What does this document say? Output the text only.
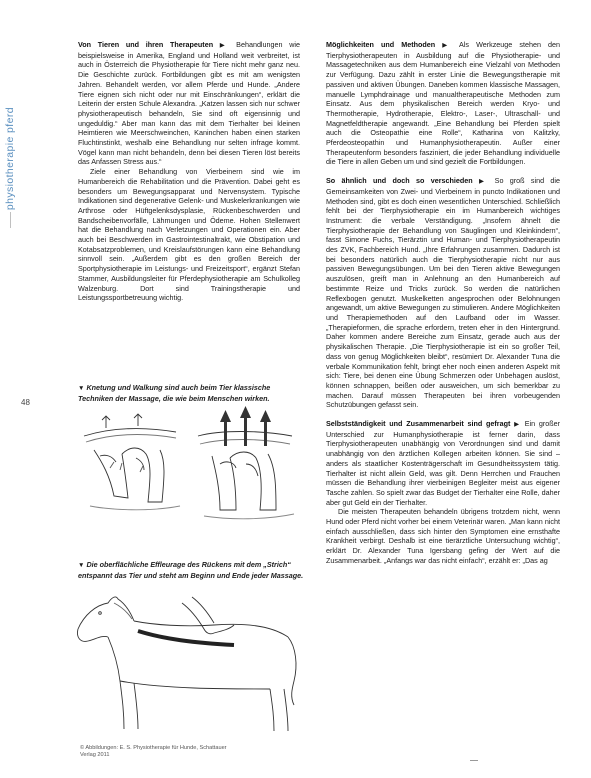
physiotherapie pferd
48

Von Tieren und ihren Therapeuten ▶ Behandlungen wie beispielsweise in Amerika, England und Holland weit verbreitet, ist auch in Österreich die Physiotherapie für Tiere nicht mehr ganz neu. Die Geschichte zurück. Fortbildungen gibt es mit am wenigsten Jahren. Behandelt werden, vor allem Pferde und Hunde. „Andere Tiere eignen sich nicht oder nur mit Einschränkungen“, erklärt die Leiterin der ersten Schule Alexandra. „Katzen lassen sich nur schwer physiotherapeutisch behandeln, Sie sind oft eigensinnig und ungeduldig.“ Aber man kann das mit dem Tierhalter bei kleinen Heimtieren wie Meerschweinchen, Kaninchen haben einen starken Fluchtinstinkt, weshalb eine Behandlung nur selten infrage kommt. Vögel kann man nicht behandeln, denn bei diesen Tieren löst bereits das Anfassen Stress aus.“

Ziele einer Behandlung von Vierbeinern sind wie im Humanbereich die Rehabilitation und die Prävention. Dabei geht es besonders um Bewegungsapparat und Nervensystem. Typische Indikationen sind degenerative Gelenk- und Muskelerkrankungen wie Arthrose oder Hüftgelenksdysplasie, Rückenbeschwerden und Bandscheibenvorfälle, Lähmungen und Ödeme. Hohen Stellenwert hat die Behandlung nach Verletzungen und Operationen ein. Aber auch bei Beschwerden im Gastrointestinaltrakt, wie Obstipation und Kotabsatzproblemen, und Kreislaufstörungen kann eine Behandlung sinnvoll sein. „Außerdem gibt es den großen Bereich der Sportphysiotherapie im Leistungs- und Freizeitsport“, ergänzt Stefan Stammer, Ausbildungsleiter für Pferdephysiotherapie am Schulkolleg Walzenburg. Dort sind Trainingstherapie und Leistungssportbetreuung wichtig.

▼ Knetung und Walkung sind auch beim Tier klassische Techniken der Massage, die wie beim Menschen wirken.
▼ Die oberflächliche Effleurage des Rückens mit dem „Strich“ entspannt das Tier und steht am Beginn und Ende jeder Massage.
© Abbildungen: E. S. Physiotherapie für Hunde, Schattauer Verlag 2011

Möglichkeiten und Methoden ▶ Als Werkzeuge stehen den Tierphysiotherapeuten in Ausbildung auf die Physiotherapie- und Massagetechniken aus dem Humanbereich eine Vielzahl von Methoden zur Verfügung. Dazu zählt in erster Linie die Bewegungstherapie mit passiven und aktiven Übungen. Daneben kommen klassische Massagen, manuelle Lymphdrainage und manualtherapeutische Methoden zum Einsatz. Aus dem physikalischen Bereich werden Kryo- und Thermotherapie, Hydrotherapie, Elektro-, Laser-, Ultraschall- und Magnetfeldtherapie angewandt. „Eine Behandlung bei Pferden spielt auch die Osteopathie eine Rolle“, Katharina von Kalitzky, Pferdeosteopathin und Humanphysiotherapeutin. Außer einer Therapeutenform besonders fasziniert, die jeder Behandlung individuelle die Tiere in allen Geben um und sind gezielt die Fortbildungen.

So ähnlich und doch so verschieden ▶ So groß sind die Gemeinsamkeiten von Zwei- und Vierbeinern in puncto Indikationen und Methoden sind, gibt es doch einen wesentlichen Unterschied. Schließlich fehlt bei der Tierphysiotherapie ein im Humanbereich wichtiges Instrument: die verbale Verständigung. „Insofern ähnelt die Tierphysiotherapie der Behandlung von Säuglingen und Kleinkindern“, fasst Simone Fuchs, Tierärztin und Human- und Tierphysiotherapeutin des ZVK, Fachbereich Hund. „Ihre Erfahrungen zusammen. Dadurch ist bei besonders natürlich auch die Tierphysiotherapie nicht nur aus passiven Bewegungsübungen. Um bei den Tieren aktive Bewegungen auszulösen, greift man in Anlehnung an den Humanbereich auf bestimmte Reize und Tricks zurück. So werden die natürlichen Reflexbogen genutzt. Muskelketten angesprochen oder Belohnungen angewandt, um aktive Bewegungen zu stimulieren. Andere Möglichkeiten und Therapiemethoden auf den Laufband oder im Wasser. „Therapieformen, die sprache erfordern, treten eher in den Hintergrund. Daher kommen andere Bereiche zum Einsatz, gerade auch aus der physikalischen Therapie. „Die Tierphysiotherapie ist ein so großer Teil, dass von genug Möglichkeiten bleibt“, resümiert Dr. Alexander Tuna die verbale Kommunikation fehlt, bringt eher noch einen anderen Aspekt mit sich: Tiere, bei denen eine Übung Schmerzen oder Unbehagen auslöst, können schnappen, beißen oder ausweichen, um sich bemerkbar zu machen. Darauf müssen Therapeuten bei ihren vorbeugenden Schutzübungen gefasst sein.

Selbstständigkeit und Zusammenarbeit sind gefragt ▶ Ein großer Unterschied zur Humanphysiotherapie ist ferner darin, dass Tierphysiotherapeuten unabhängig von Verordnungen sind und damit unabhängig von den ärztlichen Kollegen arbeiten können. Sie sind – anders als staatlicher Kostenträgerschaft im Gesundheitssystem tätig. Tierhalter ist nicht allein Geld, was gilt. Denn Herrchen und Frauchen müssen die Behandlung ihrer vierbeinigen Begleiter meist aus eigener Tasche zahlen. So spielt zwar das Budget der Tierhalter eine Rolle, daher aber gut Geld ein der Tierhalter.

Die meisten Therapeuten behandeln übrigens trotzdem nicht, wenn Hund oder Pferd nicht vorher bei einem Veterinär waren. „Man kann nicht einfach ausschließen, dass sich hinter den Symptomen eine ernsthafte Krankheit verbirgt. Deshalb ist eine tierärztliche Untersuchung wichtig“, erklärt Dr. Alexander Tuna Igersbang gefing der Wert auf die Zusammenarbeit. „Anfangs war das nicht einfach“, erzählt er: „Das ag
